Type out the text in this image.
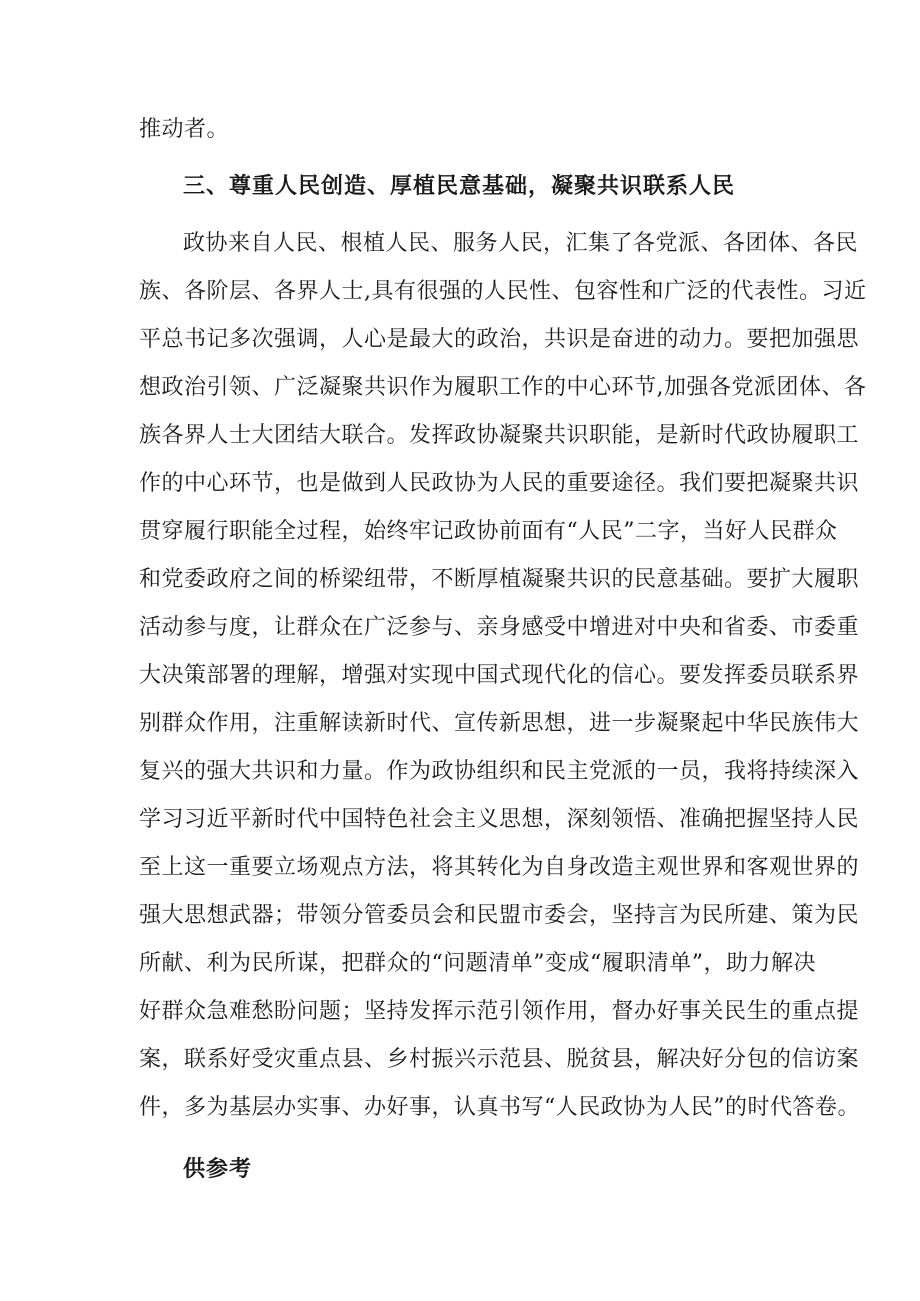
推动者。
三、尊重人民创造、厚植民意基础，凝聚共识联系人民
政协来自人民、根植人民、服务人民，汇集了各党派、各团体、各民
族、各阶层、各界人士,具有很强的人民性、包容性和广泛的代表性。习近
平总书记多次强调，人心是最大的政治，共识是奋进的动力。要把加强思
想政治引领、广泛凝聚共识作为履职工作的中心环节,加强各党派团体、各
族各界人士大团结大联合。发挥政协凝聚共识职能，是新时代政协履职工
作的中心环节，也是做到人民政协为人民的重要途径。我们要把凝聚共识
贯穿履行职能全过程，始终牢记政协前面有“人民”二字，当好人民群众
和党委政府之间的桥梁纽带，不断厚植凝聚共识的民意基础。要扩大履职
活动参与度，让群众在广泛参与、亲身感受中增进对中央和省委、市委重
大决策部署的理解，增强对实现中国式现代化的信心。要发挥委员联系界
别群众作用，注重解读新时代、宣传新思想，进一步凝聚起中华民族伟大
复兴的强大共识和力量。作为政协组织和民主党派的一员，我将持续深入
学习习近平新时代中国特色社会主义思想，深刻领悟、准确把握坚持人民
至上这一重要立场观点方法，将其转化为自身改造主观世界和客观世界的
强大思想武器；带领分管委员会和民盟市委会，坚持言为民所建、策为民
所献、利为民所谋，把群众的“问题清单”变成“履职清单”，助力解决
好群众急难愁盼问题；坚持发挥示范引领作用，督办好事关民生的重点提
案，联系好受灾重点县、乡村振兴示范县、脱贫县，解决好分包的信访案
件，多为基层办实事、办好事，认真书写“人民政协为人民”的时代答卷。
供参考
